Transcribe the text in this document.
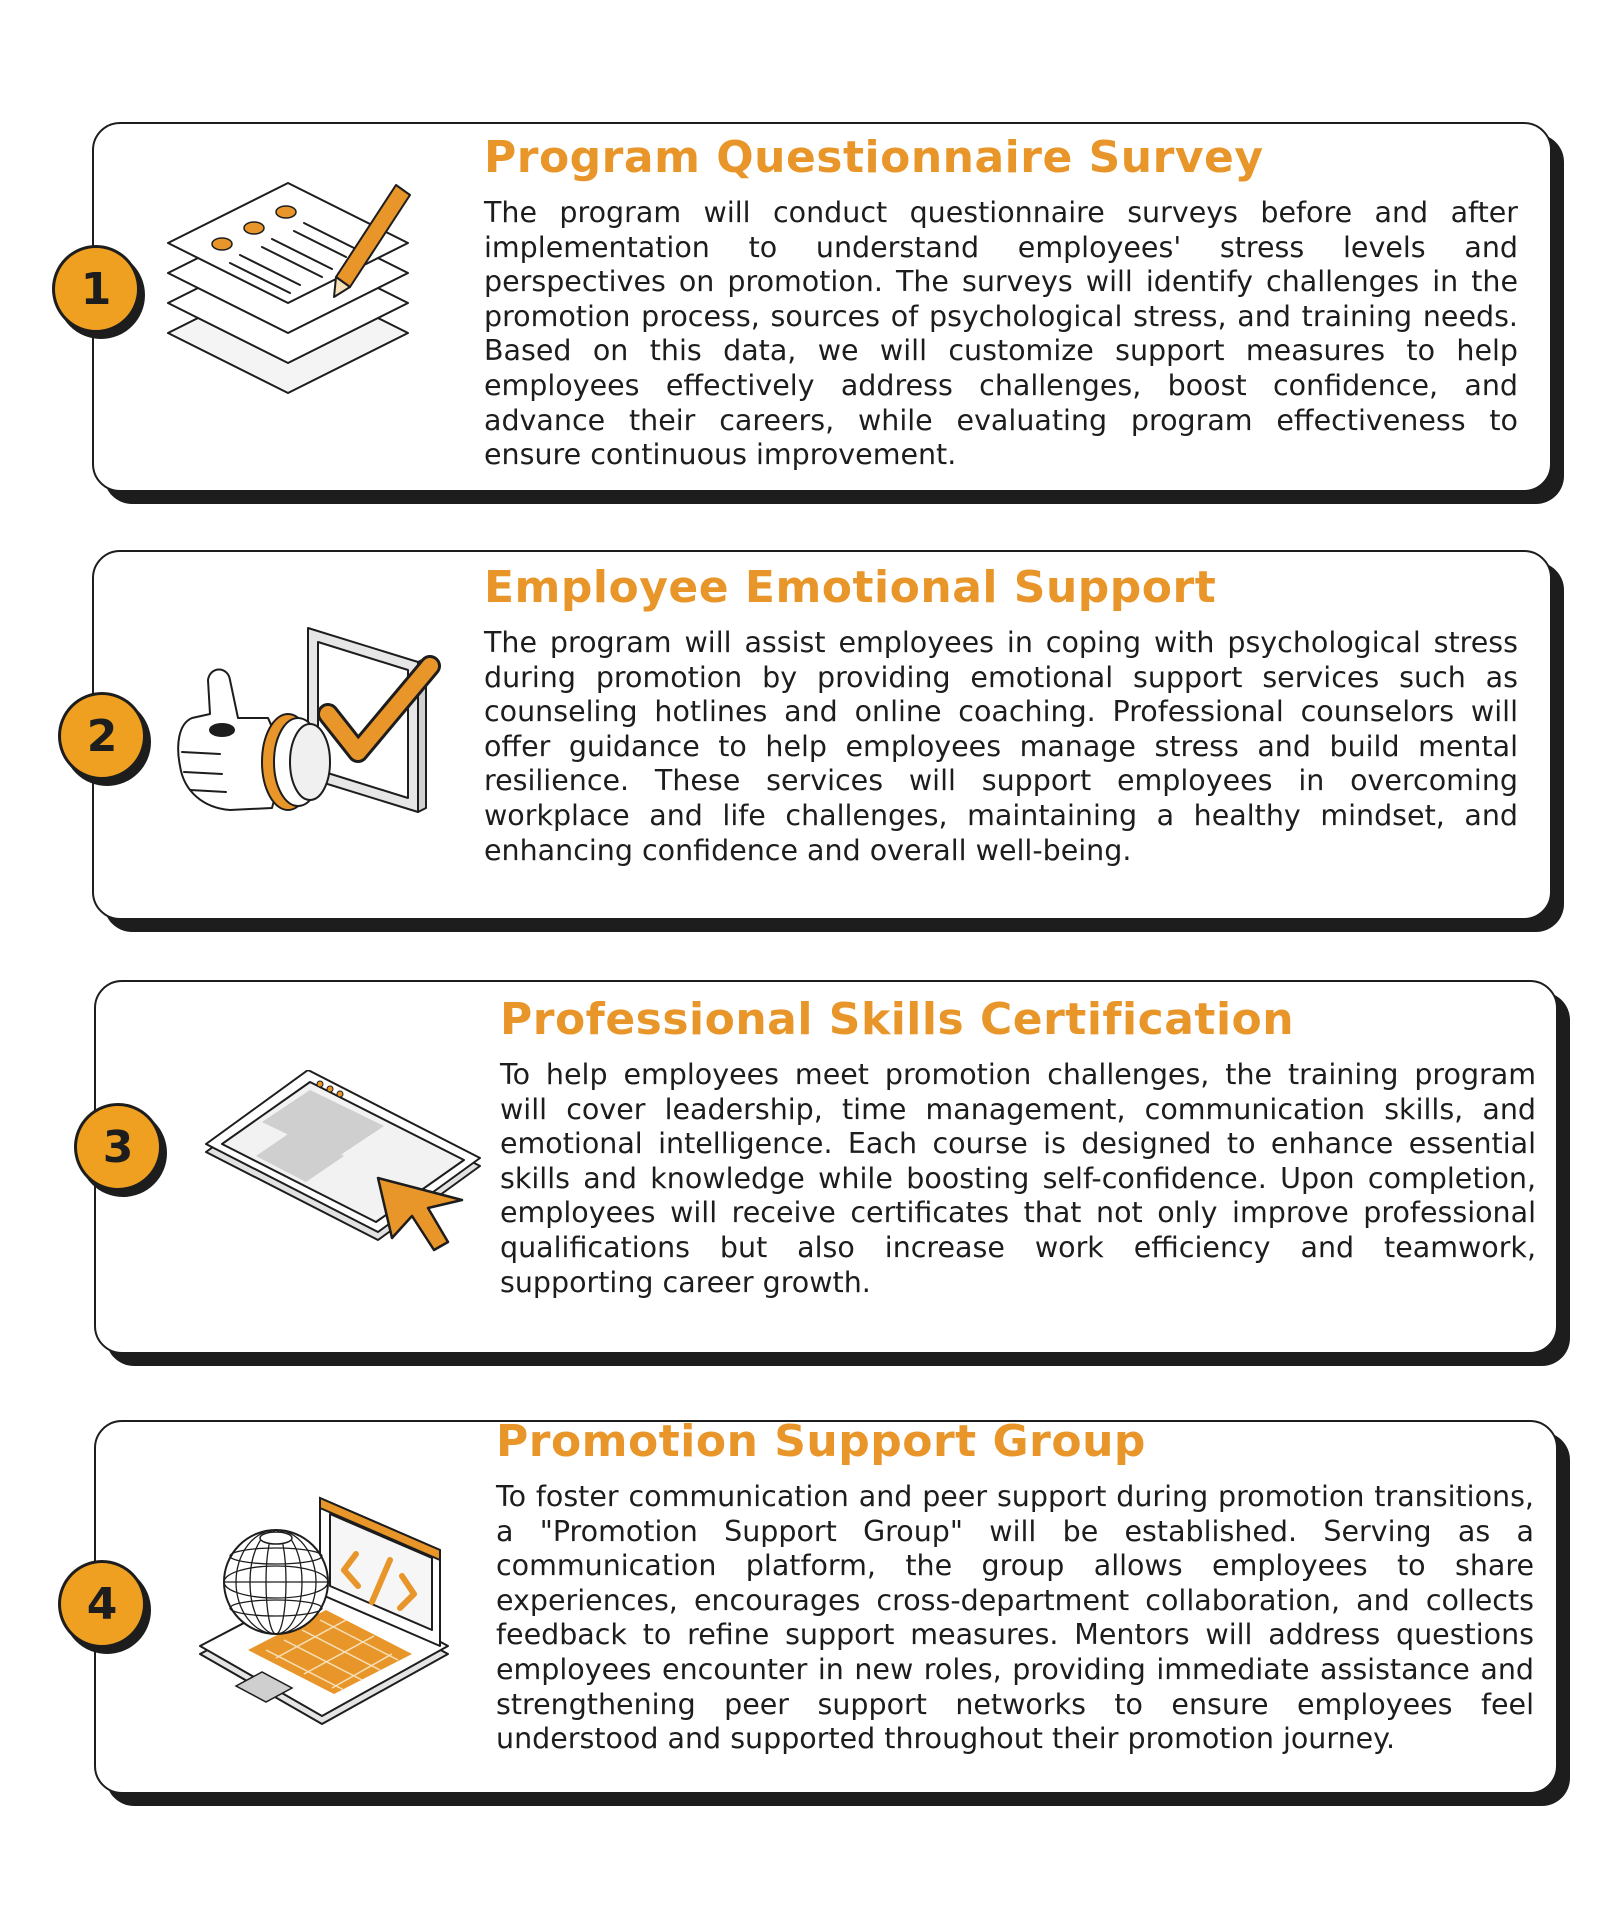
1
Program Questionnaire Survey
The program will conduct questionnaire surveys before and after implementation to understand employees' stress levels and perspectives on promotion. The surveys will identify challenges in the promotion process, sources of psychological stress, and training needs. Based on this data, we will customize support measures to help employees effectively address challenges, boost confidence, and advance their careers, while evaluating program effectiveness to ensure continuous improvement.
2
Employee Emotional Support
The program will assist employees in coping with psychological stress during promotion by providing emotional support services such as counseling hotlines and online coaching. Professional counselors will offer guidance to help employees manage stress and build mental resilience. These services will support employees in overcoming workplace and life challenges, maintaining a healthy mindset, and enhancing confidence and overall well-being.
3
Professional Skills Certification
To help employees meet promotion challenges, the training program will cover leadership, time management, communication skills, and emotional intelligence. Each course is designed to enhance essential skills and knowledge while boosting self-confidence. Upon completion, employees will receive certificates that not only improve professional qualifications but also increase work efficiency and teamwork, supporting career growth.
4
Promotion Support Group
To foster communication and peer support during promotion transitions, a "Promotion Support Group" will be established. Serving as a communication platform, the group allows employees to share experiences, encourages cross-department collaboration, and collects feedback to refine support measures. Mentors will address questions employees encounter in new roles, providing immediate assistance and strengthening peer support networks to ensure employees feel understood and supported throughout their promotion journey.
